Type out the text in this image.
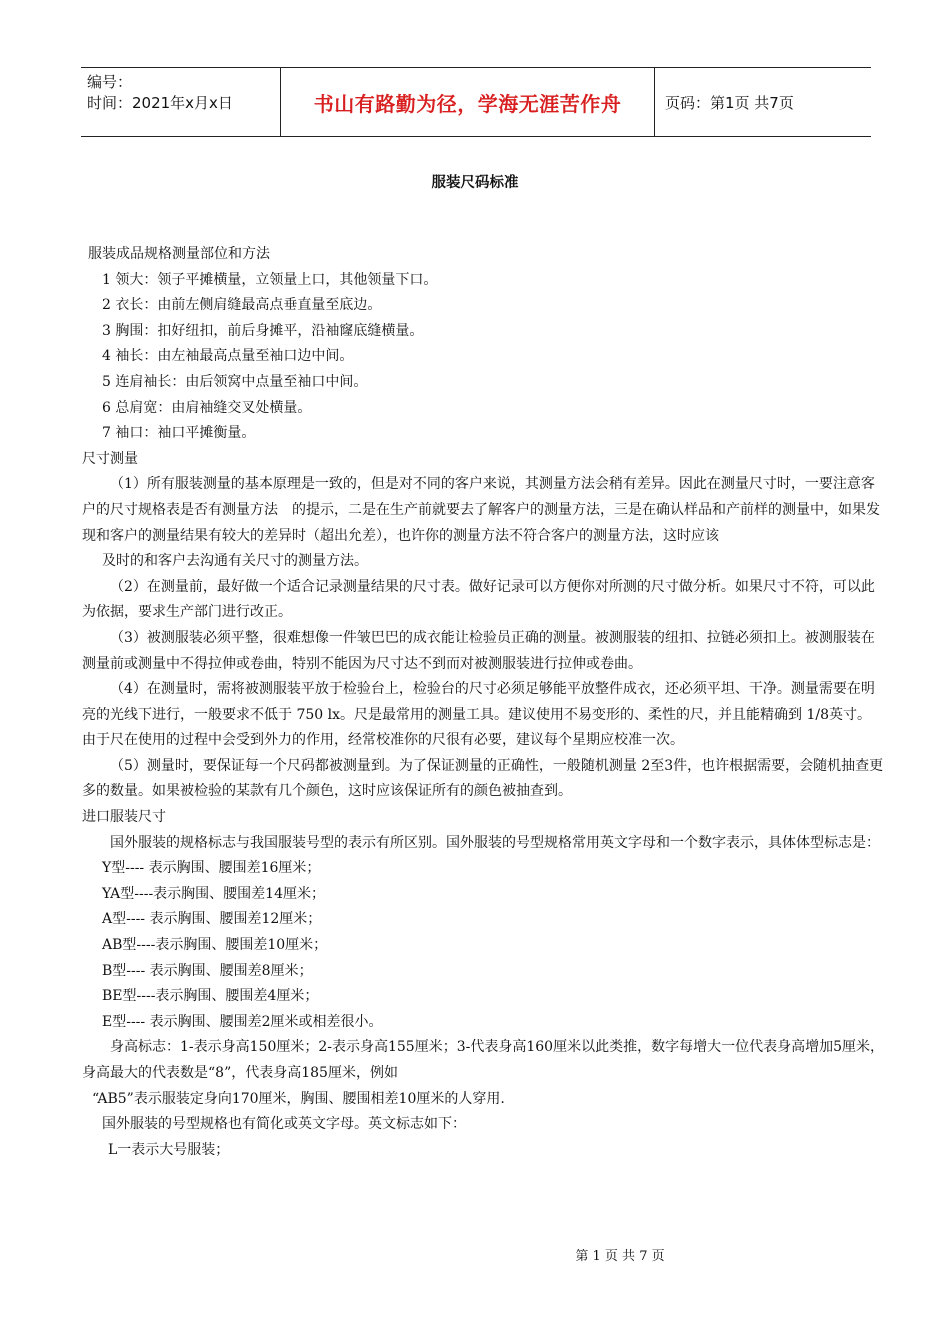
编号：
时间：2021年x月x日	书山有路勤为径，学海无涯苦作舟	页码：第1页 共7页
服装尺码标准

服装成品规格测量部位和方法

1 领大：领子平摊横量，立领量上口，其他领量下口。

2 衣长：由前左侧肩缝最高点垂直量至底边。

3 胸围：扣好纽扣，前后身摊平，沿袖窿底缝横量。

4 袖长：由左袖最高点量至袖口边中间。

5 连肩袖长：由后领窝中点量至袖口中间。

6 总肩宽：由肩袖缝交叉处横量。

7 袖口：袖口平摊衡量。

尺寸测量

（1）所有服装测量的基本原理是一致的，但是对不同的客户来说，其测量方法会稍有差异。因此在测量尺寸时，一要注意客户的尺寸规格表是否有测量方法　的提示，二是在生产前就要去了解客户的测量方法，三是在确认样品和产前样的测量中，如果发现和客户的测量结果有较大的差异时（超出允差），也许你的测量方法不符合客户的测量方法，这时应该

及时的和客户去沟通有关尺寸的测量方法。

（2）在测量前，最好做一个适合记录测量结果的尺寸表。做好记录可以方便你对所测的尺寸做分析。如果尺寸不符，可以此为依据，要求生产部门进行改正。

（3）被测服装必须平整，很难想像一件皱巴巴的成衣能让检验员正确的测量。被测服装的纽扣、拉链必须扣上。被测服装在测量前或测量中不得拉伸或卷曲，特别不能因为尺寸达不到而对被测服装进行拉伸或卷曲。

（4）在测量时，需将被测服装平放于检验台上，检验台的尺寸必须足够能平放整件成衣，还必须平坦、干净。测量需要在明亮的光线下进行，一般要求不低于 750 lx。尺是最常用的测量工具。建议使用不易变形的、柔性的尺，并且能精确到 1/8英寸。由于尺在使用的过程中会受到外力的作用，经常校准你的尺很有必要，建议每个星期应校准一次。

（5）测量时，要保证每一个尺码都被测量到。为了保证测量的正确性，一般随机测量 2至3件，也许根据需要，会随机抽查更多的数量。如果被检验的某款有几个颜色，这时应该保证所有的颜色被抽查到。

进口服装尺寸

国外服装的规格标志与我国服装号型的表示有所区别。国外服装的号型规格常用英文字母和一个数字表示，具体体型标志是：

Y型---- 表示胸围、腰围差16厘米；

YA型----表示胸围、腰围差14厘米；

A型---- 表示胸围、腰围差12厘米；

AB型----表示胸围、腰围差10厘米；

B型---- 表示胸围、腰围差8厘米；

BE型----表示胸围、腰围差4厘米；

E型---- 表示胸围、腰围差2厘米或相差很小。

身高标志：1-表示身高150厘米；2-表示身高155厘米；3-代表身高160厘米以此类推，数字每增大一位代表身高增加5厘米，身高最大的代表数是“8”，代表身高185厘米，例如

“AB5”表示服装定身向170厘米，胸围、腰围相差10厘米的人穿用.

国外服装的号型规格也有简化或英文字母。英文标志如下：

L一表示大号服装；

第 1 页 共 7 页
